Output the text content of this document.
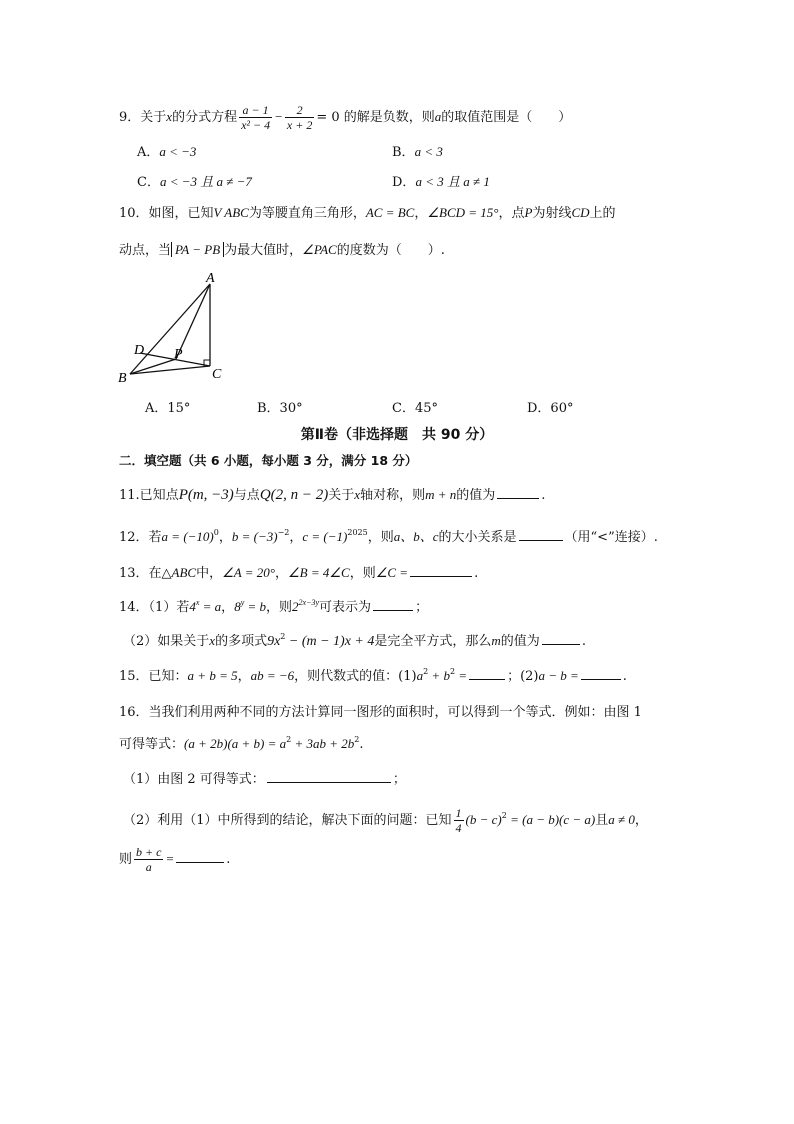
9．关于x的分式方程 $\frac{a - 1}{\text{x² − 4}} - \frac{2}{x + 2} = 0$ 的解是负数，则a的取值范围是（　　）
A．a < −3	B．a < 3
C．a < −3 且 a ≠ −7	D．a < 3 且 a ≠ 1
10．如图，已知V ABC为等腰直角三角形，AC = BC，∠BCD = 15°，点P为射线CD上的
动点，当 PA − PB 为最大值时，∠PAC的度数为（　　）.
A
B	C
D P
A．15°	B．30°	C．45°	D．60°
第Ⅱ卷（非选择题　共 90 分）
二．填空题（共 6 小题，每小题 3 分，满分 18 分）
11.已知点P(m, −3)与点Q(2, n − 2)关于x轴对称，则m + n的值为	.
12．若$a = (-10)^0$，$b = (-3)^{-2}$，$c = (-1)^{2025}$，则a、b、c的大小关系是	（用“<”连接）.
13．在△ABC中，∠A = 20°，∠B = 4∠C，则∠C =	.
14．（1）若$4^x = a$，$8^y = b$，则$2^{2x-3y}$可表示为	；
（2）如果关于x的多项式$9x^2 - (m - 1)x + 4$是完全平方式，那么m的值为	.
15．已知：a + b = 5，ab = −6，则代数式的值：$(1)a^2 + b^2$ =	；(2)a − b =	.
16．当我们利用两种不同的方法计算同一图形的面积时，可以得到一个等式．例如：由图 1
可得等式：$(a + 2b)(a + b) = a^2 + 3ab + 2b^2$.
（1）由图 2 可得等式：	；
（2）利用（1）中所得到的结论，解决下面的问题：已知 $\frac{1}{4} (b - c)^2 = (a - b)(c - a)$且a ≠ 0，
则 $\frac{b + c}{a}$ =	.
